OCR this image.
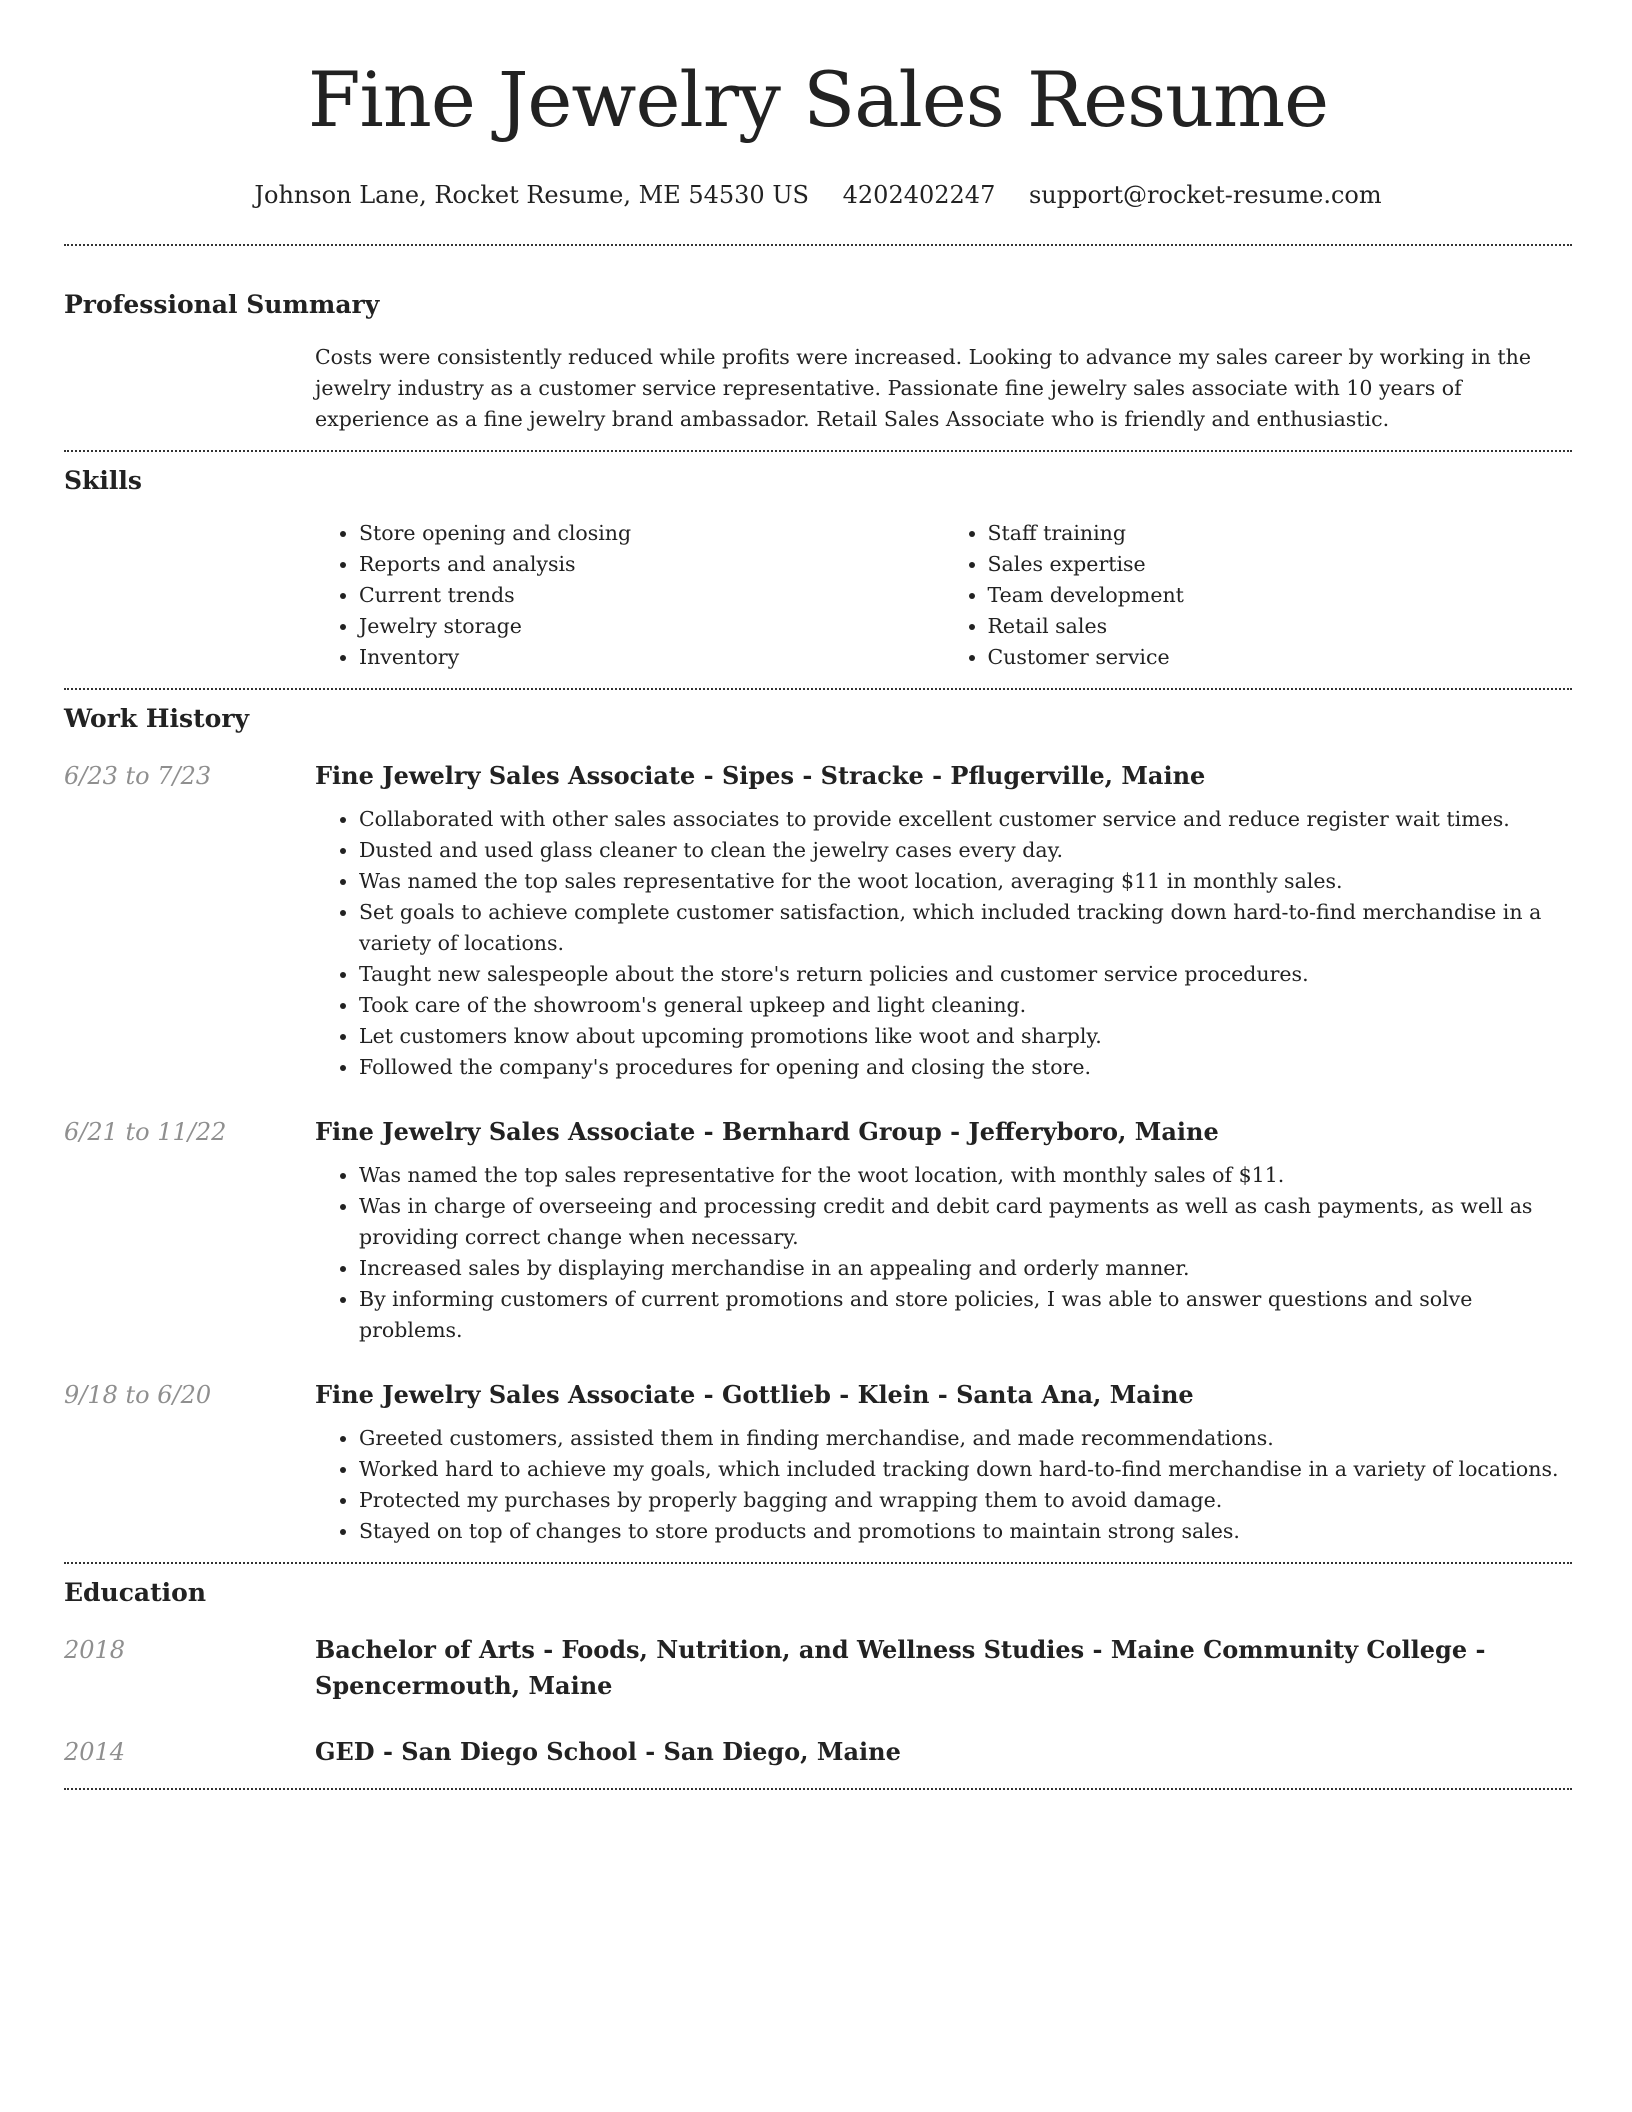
Fine Jewelry Sales Resume
Johnson Lane, Rocket Resume, ME 54530 US 4202402247 support@rocket-resume.com
Professional Summary

Costs were consistently reduced while profits were increased. Looking to advance my sales career by working in the jewelry industry as a customer service representative. Passionate fine jewelry sales associate with 10 years of experience as a fine jewelry brand ambassador. Retail Sales Associate who is friendly and enthusiastic.

Skills
• Store opening and closing
• Reports and analysis
• Current trends
• Jewelry storage
• Inventory
• Staff training
• Sales expertise
• Team development
• Retail sales
• Customer service
Work History
6/23 to 7/23	Fine Jewelry Sales Associate - Sipes - Stracke - Pflugerville, Maine
• Collaborated with other sales associates to provide excellent customer service and reduce register wait times.
• Dusted and used glass cleaner to clean the jewelry cases every day.
• Was named the top sales representative for the woot location, averaging $11 in monthly sales.
• Set goals to achieve complete customer satisfaction, which included tracking down hard-to-find merchandise in a variety of locations.
• Taught new salespeople about the store's return policies and customer service procedures.
• Took care of the showroom's general upkeep and light cleaning.
• Let customers know about upcoming promotions like woot and sharply.
• Followed the company's procedures for opening and closing the store.
6/21 to 11/22	Fine Jewelry Sales Associate - Bernhard Group - Jefferyboro, Maine
• Was named the top sales representative for the woot location, with monthly sales of $11.
• Was in charge of overseeing and processing credit and debit card payments as well as cash payments, as well as providing correct change when necessary.
• Increased sales by displaying merchandise in an appealing and orderly manner.
• By informing customers of current promotions and store policies, I was able to answer questions and solve problems.
9/18 to 6/20	Fine Jewelry Sales Associate - Gottlieb - Klein - Santa Ana, Maine
• Greeted customers, assisted them in finding merchandise, and made recommendations.
• Worked hard to achieve my goals, which included tracking down hard-to-find merchandise in a variety of locations.
• Protected my purchases by properly bagging and wrapping them to avoid damage.
• Stayed on top of changes to store products and promotions to maintain strong sales.
Education
2018	Bachelor of Arts - Foods, Nutrition, and Wellness Studies - Maine Community College - Spencermouth, Maine
2014	GED - San Diego School - San Diego, Maine
